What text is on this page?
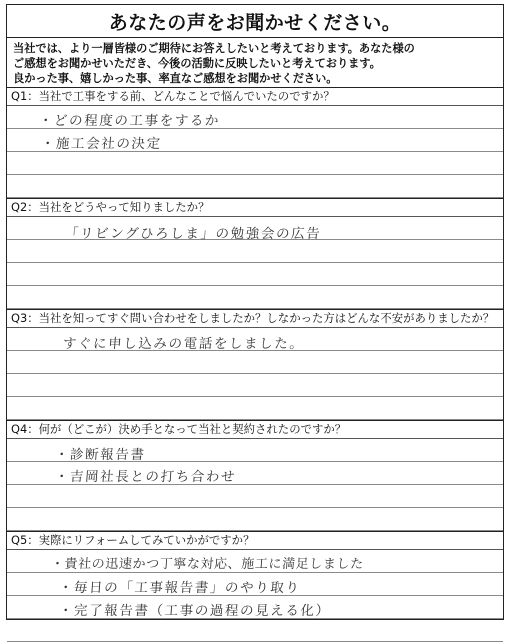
あなたの声をお聞かせください。
当社では、より一層皆様のご期待にお答えしたいと考えております。あなた様の
ご感想をお聞かせいただき、今後の活動に反映したいと考えております。
良かった事、嬉しかった事、率直なご感想をお聞かせください。
Q1：当社で工事をする前、どんなことで悩んでいたのですか？
・どの程度の工事をするか
・施工会社の決定
Q2：当社をどうやって知りましたか？
「リビングひろしま」の勉強会の広告
Q3：当社を知ってすぐ問い合わせをしましたか？しなかった方はどんな不安がありましたか？
すぐに申し込みの電話をしました。
Q4：何が（どこが）決め手となって当社と契約されたのですか？
・診断報告書
・吉岡社長との打ち合わせ
Q5：実際にリフォームしてみていかがですか？
・貴社の迅速かつ丁寧な対応、施工に満足しました
・毎日の「工事報告書」のやり取り
・完了報告書（工事の過程の見える化）
